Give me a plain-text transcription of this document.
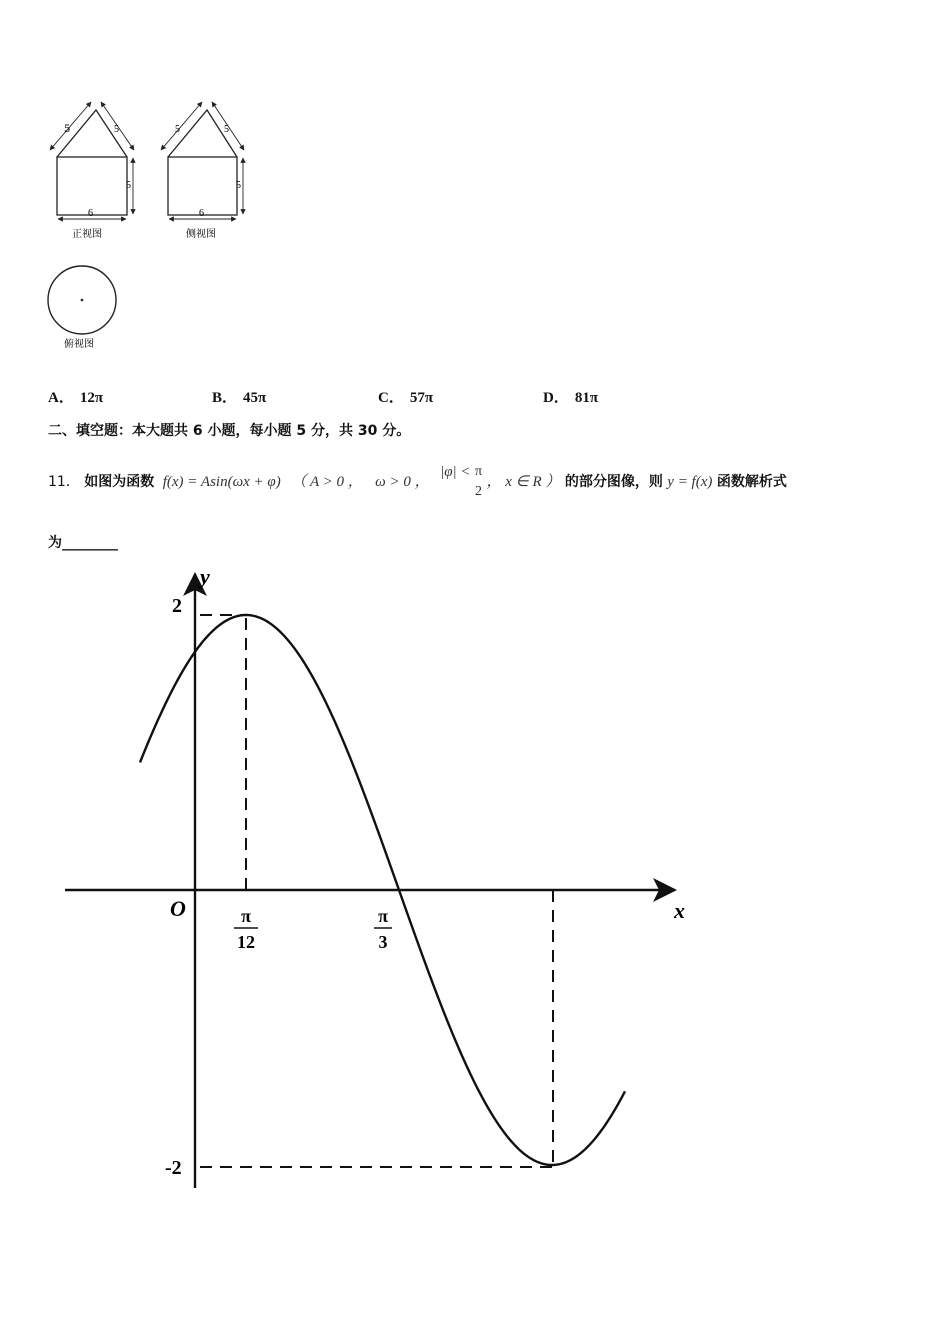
5	5
5
6
正视图
5	5
5
6
侧视图
俯视图
A． 12π	B． 45π	C． 57π	D． 81π
二、填空题：本大题共 6 小题，每小题 5 分，共 30 分。
11． 如图为函数 f(x) = Asin(ωx + φ) （ A > 0 ， ω > 0 ， |φ| < π
2
， x ∈ R ） 的部分图像，则 y = f(x) 函数解析式
为________
y
x
O
2
-2
π
12
π
3
